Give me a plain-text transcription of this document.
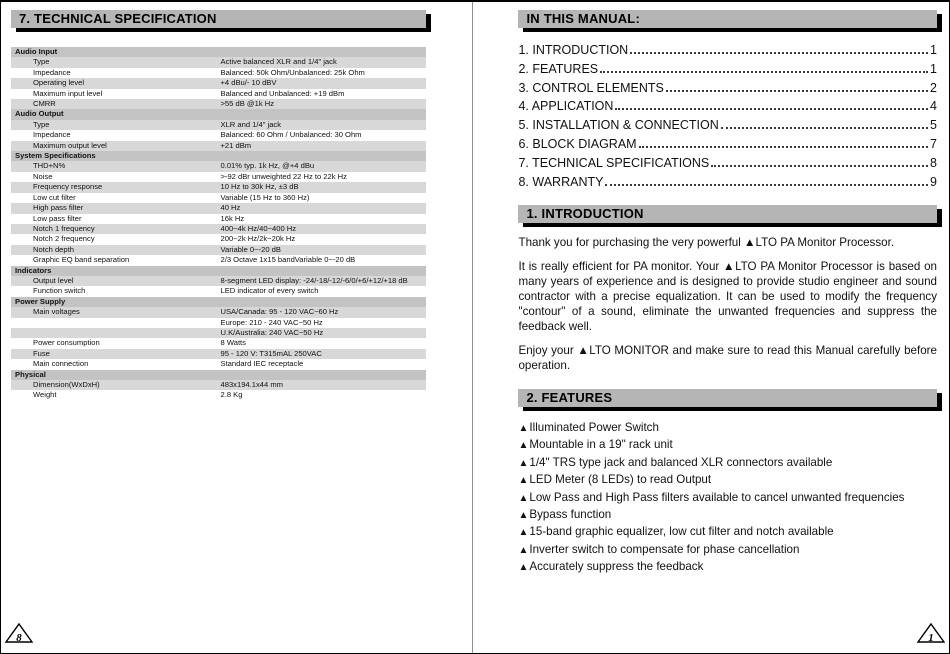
7. TECHNICAL SPECIFICATION
Audio Input	
Type	Active balanced XLR and 1/4" jack
Impedance	Balanced: 50k Ohm/Unbalanced: 25k Ohm
Operating level	+4 dBu/- 10 dBV
Maximum input level	Balanced and Unbalanced: +19 dBm
CMRR	>55 dB @1k Hz
Audio Output	
Type	XLR and 1/4" jack
Impedance	Balanced: 60 Ohm / Unbalanced: 30 Ohm
Maximum output level	+21 dBm
System Specifications	
THD+N%	0.01% typ. 1k Hz, @+4 dBu
Noise	>-92 dBr unweighted 22 Hz to 22k Hz
Frequency response	10 Hz to 30k Hz, ±3 dB
Low cut filter	Variable (15 Hz to 360 Hz)
High pass filter	40 Hz
Low pass filter	16k Hz
Notch 1 frequency	400~4k Hz/40~400 Hz
Notch 2 frequency	200~2k Hz/2k~20k Hz
Notch depth	Variable 0~-20 dB
Graphic EQ band separation	2/3 Octave 1x15 bandVariable 0~-20 dB
Indicators	
Output level	8-segment LED display: -24/-18/-12/-6/0/+6/+12/+18 dB
Function switch	LED indicator of every switch
Power Supply	
Main voltages	USA/Canada: 95 - 120 VAC~60 Hz
	Europe: 210 - 240 VAC~50 Hz
	U.K/Australia: 240 VAC~50 Hz
Power consumption	8 Watts
Fuse	95 - 120 V: T315mAL 250VAC
Main connection	Standard IEC receptacle
Physical	
Dimension(WxDxH)	483x194.1x44 mm
Weight	2.8 Kg
IN THIS MANUAL:
1. INTRODUCTION	1
2. FEATURES	1
3. CONTROL ELEMENTS	2
4. APPLICATION	4
5. INSTALLATION & CONNECTION	5
6. BLOCK DIAGRAM	7
7. TECHNICAL SPECIFICATIONS	8
8. WARRANTY	9
1. INTRODUCTION

Thank you for purchasing the very powerful ▲LTO PA Monitor Processor.

It is really efficient for PA monitor. Your ▲LTO PA Monitor Processor is based on many years of experience and is designed to provide studio engineer and sound contractor with a precise equalization. It can be used to modify the frequency "contour" of a sound, eliminate the unwanted frequencies and suppress the feedback well.

Enjoy your ▲LTO MONITOR and make sure to read this Manual carefully before operation.

2. FEATURES
▲ Illuminated Power Switch
▲ Mountable in a 19" rack unit
▲ 1/4" TRS type jack and balanced XLR connectors available
▲ LED Meter (8 LEDs) to read Output
▲ Low Pass and High Pass filters available to cancel unwanted frequencies
▲ Bypass function
▲ 15-band graphic equalizer, low cut filter and notch available
▲ Inverter switch to compensate for phase cancellation
▲ Accurately suppress the feedback
8	1
